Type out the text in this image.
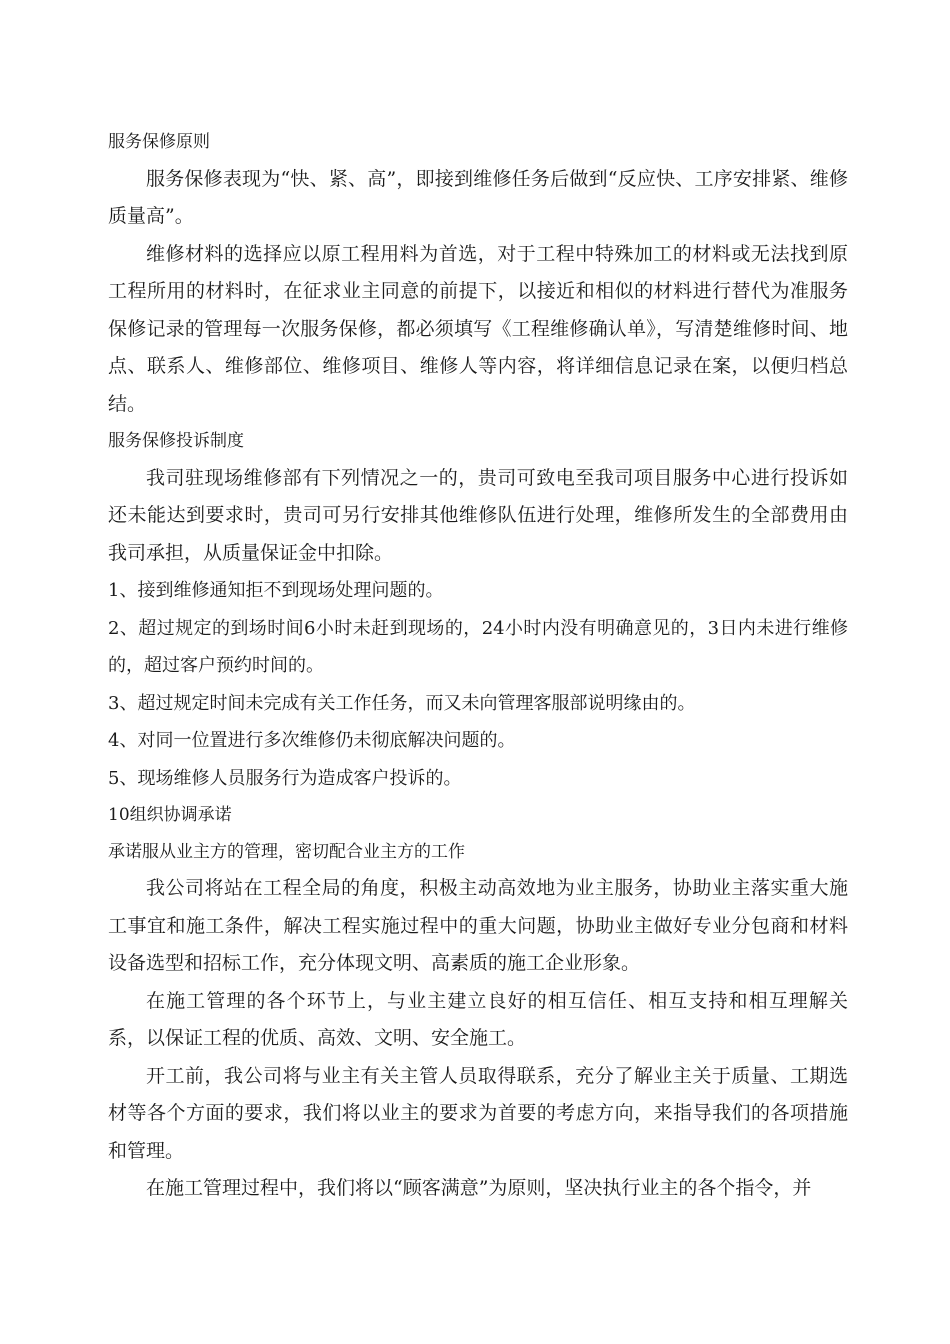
服务保修原则

服务保修表现为“快、紧、高”，即接到维修任务后做到“反应快、工序安排紧、维修质量高”。

维修材料的选择应以原工程用料为首选，对于工程中特殊加工的材料或无法找到原工程所用的材料时，在征求业主同意的前提下，以接近和相似的材料进行替代为准服务保修记录的管理每一次服务保修，都必须填写《工程维修确认单》，写清楚维修时间、地点、联系人、维修部位、维修项目、维修人等内容，将详细信息记录在案，以便归档总结。

服务保修投诉制度

我司驻现场维修部有下列情况之一的，贵司可致电至我司项目服务中心进行投诉如还未能达到要求时，贵司可另行安排其他维修队伍进行处理，维修所发生的全部费用由我司承担，从质量保证金中扣除。

1、接到维修通知拒不到现场处理问题的。

2、超过规定的到场时间6小时未赶到现场的，24小时内没有明确意见的，3日内未进行维修的，超过客户预约时间的。

3、超过规定时间未完成有关工作任务，而又未向管理客服部说明缘由的。

4、对同一位置进行多次维修仍未彻底解决问题的。

5、现场维修人员服务行为造成客户投诉的。

10组织协调承诺

承诺服从业主方的管理，密切配合业主方的工作

我公司将站在工程全局的角度，积极主动高效地为业主服务，协助业主落实重大施工事宜和施工条件，解决工程实施过程中的重大问题，协助业主做好专业分包商和材料设备选型和招标工作，充分体现文明、高素质的施工企业形象。

在施工管理的各个环节上，与业主建立良好的相互信任、相互支持和相互理解关系，以保证工程的优质、高效、文明、安全施工。

开工前，我公司将与业主有关主管人员取得联系，充分了解业主关于质量、工期选材等各个方面的要求，我们将以业主的要求为首要的考虑方向，来指导我们的各项措施和管理。

在施工管理过程中，我们将以“顾客满意”为原则，坚决执行业主的各个指令，并
